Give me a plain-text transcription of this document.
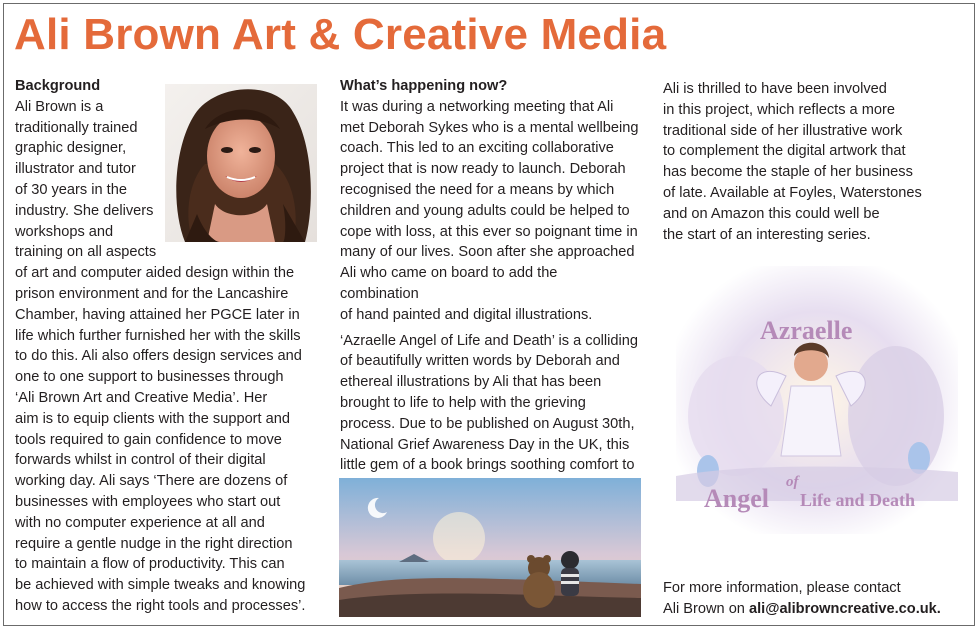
Ali Brown Art & Creative Media

Background

Ali Brown is a
traditionally trained
graphic designer,
illustrator and tutor
of 30 years in the
industry. She delivers
workshops and
training on all aspects
of art and computer aided design within the
prison environment and for the Lancashire
Chamber, having attained her PGCE later in
life which further furnished her with the skills
to do this. Ali also offers design services and
one to one support to businesses through
‘Ali Brown Art and Creative Media’. Her
aim is to equip clients with the support and
tools required to gain confidence to move
forwards whilst in control of their digital
working day. Ali says ‘There are dozens of
businesses with employees who start out
with no computer experience at all and
require a gentle nudge in the right direction
to maintain a flow of productivity. This can
be achieved with simple tweaks and knowing
how to access the right tools and processes’.

What’s happening now?

It was during a networking meeting that Ali
met Deborah Sykes who is a mental wellbeing
coach. This led to an exciting collaborative
project that is now ready to launch. Deborah
recognised the need for a means by which
children and young adults could be helped to
cope with loss, at this ever so poignant time in
many of our lives. Soon after she approached
Ali who came on board to add the combination
of hand painted and digital illustrations.
‘Azraelle Angel of Life and Death’ is a colliding
of beautifully written words by Deborah and
ethereal illustrations by Ali that has been
brought to life to help with the grieving
process. Due to be published on August 30th,
National Grief Awareness Day in the UK, this
little gem of a book brings soothing comfort to
Ali is thrilled to have been involved
in this project, which reflects a more
traditional side of her illustrative work
to complement the digital artwork that
has become the staple of her business
of late. Available at Foyles, Waterstones
and on Amazon this could well be
the start of an interesting series.
Azraelle
Angel
of
Life and Death
For more information, please contact
Ali Brown on ali@alibrowncreative.co.uk.
